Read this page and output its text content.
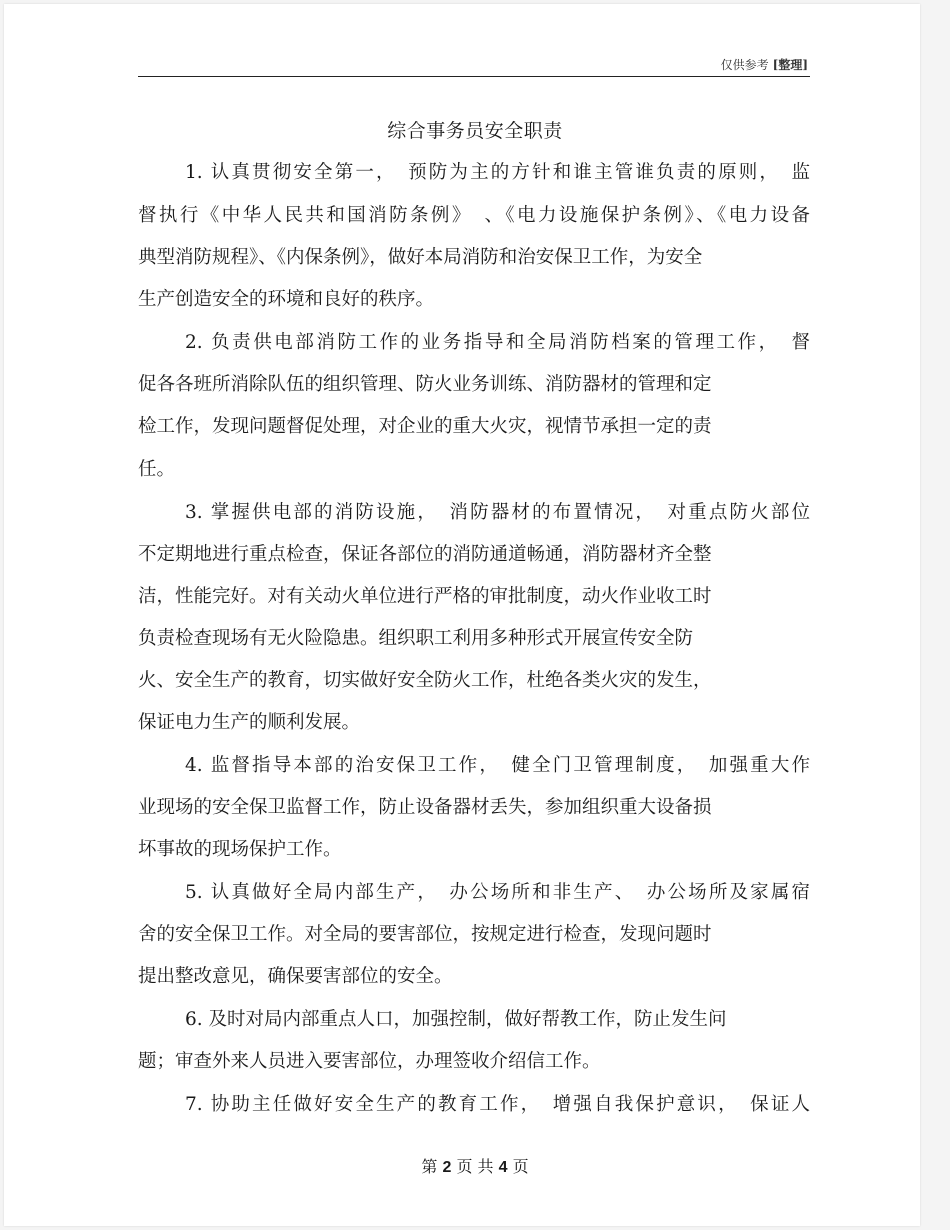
仅供参考 [整理]
综合事务员安全职责
1. 认真贯彻安全第一，　预防为主的方针和谁主管谁负责的原则，　监
督执行《中华人民共和国消防条例》　、《电力设施保护条例》、《电力设备
典型消防规程》、《内保条例》，做好本局消防和治安保卫工作，为安全
生产创造安全的环境和良好的秩序。
2. 负责供电部消防工作的业务指导和全局消防档案的管理工作，　督
促各各班所消除队伍的组织管理、防火业务训练、消防器材的管理和定
检工作，发现问题督促处理，对企业的重大火灾，视情节承担一定的责
任。
3. 掌握供电部的消防设施，　消防器材的布置情况，　对重点防火部位
不定期地进行重点检查，保证各部位的消防通道畅通，消防器材齐全整
洁，性能完好。对有关动火单位进行严格的审批制度，动火作业收工时
负责检查现场有无火险隐患。组织职工利用多种形式开展宣传安全防
火、安全生产的教育，切实做好安全防火工作，杜绝各类火灾的发生，
保证电力生产的顺利发展。
4. 监督指导本部的治安保卫工作，　健全门卫管理制度，　加强重大作
业现场的安全保卫监督工作，防止设备器材丢失，参加组织重大设备损
坏事故的现场保护工作。
5. 认真做好全局内部生产，　办公场所和非生产、　办公场所及家属宿
舍的安全保卫工作。对全局的要害部位，按规定进行检查，发现问题时
提出整改意见，确保要害部位的安全。
6. 及时对局内部重点人口，加强控制，做好帮教工作，防止发生问
题；审查外来人员进入要害部位，办理签收介绍信工作。
7. 协助主任做好安全生产的教育工作，　增强自我保护意识，　保证人
第 2 页 共 4 页
